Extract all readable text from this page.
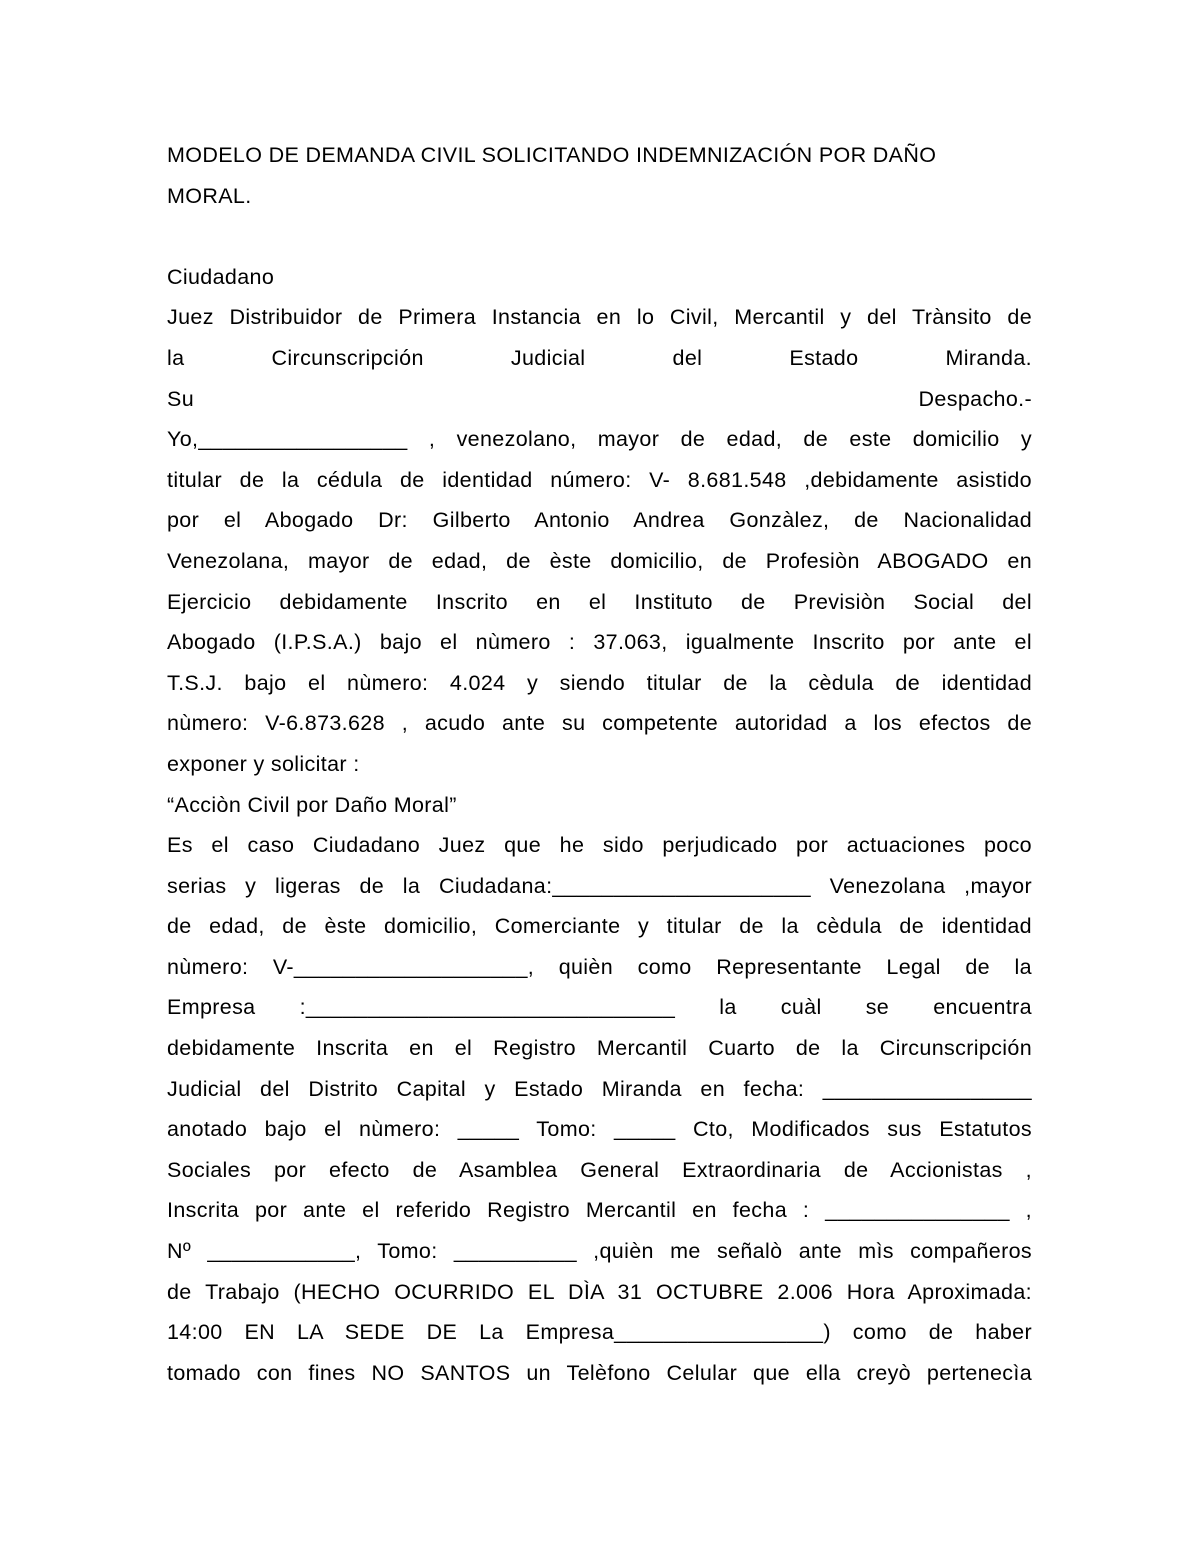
MODELO DE DEMANDA CIVIL SOLICITANDO INDEMNIZACIÓN POR DAÑO
MORAL.
Ciudadano
Juez Distribuidor de Primera Instancia en lo Civil, Mercantil y del Trànsito de
la Circunscripción Judicial del Estado Miranda.
Su Despacho.-
Yo,_________________ , venezolano, mayor de edad, de este domicilio y
titular de la cédula de identidad número: V- 8.681.548 ,debidamente asistido
por el Abogado Dr: Gilberto Antonio Andrea Gonzàlez, de Nacionalidad
Venezolana, mayor de edad, de èste domicilio, de Profesiòn ABOGADO en
Ejercicio debidamente Inscrito en el Instituto de Previsiòn Social del
Abogado (I.P.S.A.) bajo el nùmero : 37.063, igualmente Inscrito por ante el
T.S.J. bajo el nùmero: 4.024 y siendo titular de la cèdula de identidad
nùmero: V-6.873.628 , acudo ante su competente autoridad a los efectos de
exponer y solicitar :
“Acciòn Civil por Daño Moral”
Es el caso Ciudadano Juez que he sido perjudicado por actuaciones poco
serias y ligeras de la Ciudadana:_____________________ Venezolana ,mayor
de edad, de èste domicilio, Comerciante y titular de la cèdula de identidad
nùmero: V-___________________, quièn como Representante Legal de la
Empresa :______________________________ la cuàl se encuentra
debidamente Inscrita en el Registro Mercantil Cuarto de la Circunscripción
Judicial del Distrito Capital y Estado Miranda en fecha: _________________
anotado bajo el nùmero: _____ Tomo: _____ Cto, Modificados sus Estatutos
Sociales por efecto de Asamblea General Extraordinaria de Accionistas ,
Inscrita por ante el referido Registro Mercantil en fecha : _______________ ,
Nº ____________, Tomo: __________ ,quièn me señalò ante mìs compañeros
de Trabajo (HECHO OCURRIDO EL DÌA 31 OCTUBRE 2.006 Hora Aproximada:
14:00 EN LA SEDE DE La Empresa_________________) como de haber
tomado con fines NO SANTOS un Telèfono Celular que ella creyò pertenecìa
